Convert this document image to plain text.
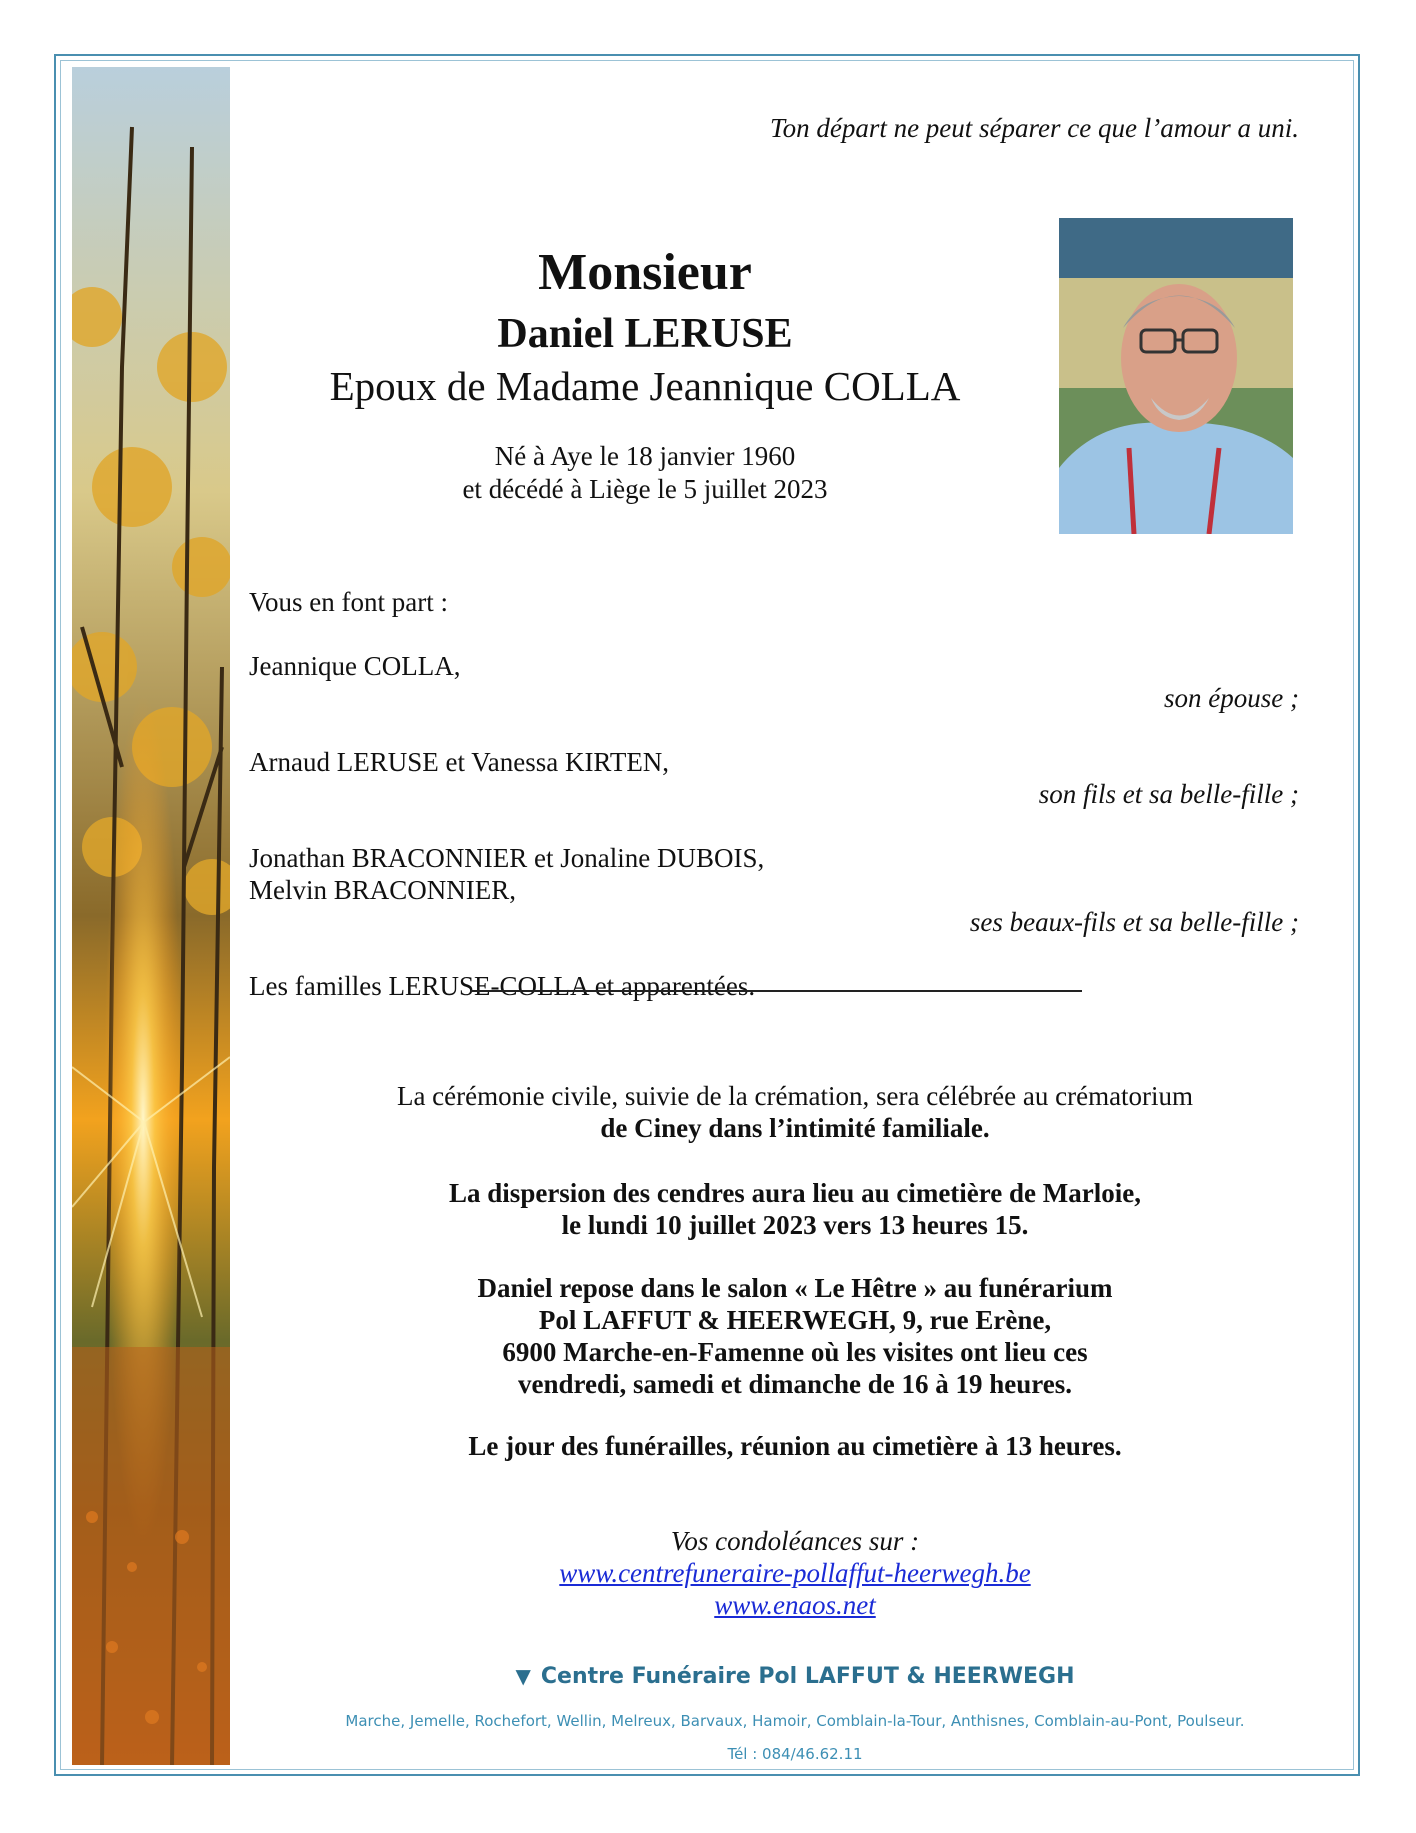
Ton départ ne peut séparer ce que l’amour a uni.
Monsieur
Daniel LERUSE
Epoux de Madame Jeannique COLLA
Né à Aye le 18 janvier 1960
et décédé à Liège le 5 juillet 2023
Vous en font part :
Jeannique COLLA,
son épouse ;
Arnaud LERUSE et Vanessa KIRTEN,
son fils et sa belle-fille ;
Jonathan BRACONNIER et Jonaline DUBOIS,
Melvin BRACONNIER,
ses beaux-fils et sa belle-fille ;
Les familles LERUSE-COLLA et apparentées.
La cérémonie civile, suivie de la crémation, sera célébrée au crématorium
de Ciney dans l’intimité familiale.
La dispersion des cendres aura lieu au cimetière de Marloie,
le lundi 10 juillet 2023 vers 13 heures 15.
Daniel repose dans le salon « Le Hêtre » au funérarium
Pol LAFFUT & HEERWEGH, 9, rue Erène,
6900 Marche-en-Famenne où les visites ont lieu ces
vendredi, samedi et dimanche de 16 à 19 heures.
Le jour des funérailles, réunion au cimetière à 13 heures.
Vos condoléances sur :
www.centrefuneraire-pollaffut-heerwegh.be
www.enaos.net
▼ Centre Funéraire Pol LAFFUT & HEERWEGH
Marche, Jemelle, Rochefort, Wellin, Melreux, Barvaux, Hamoir, Comblain-la-Tour, Anthisnes, Comblain-au-Pont, Poulseur.
Tél : 084/46.62.11
